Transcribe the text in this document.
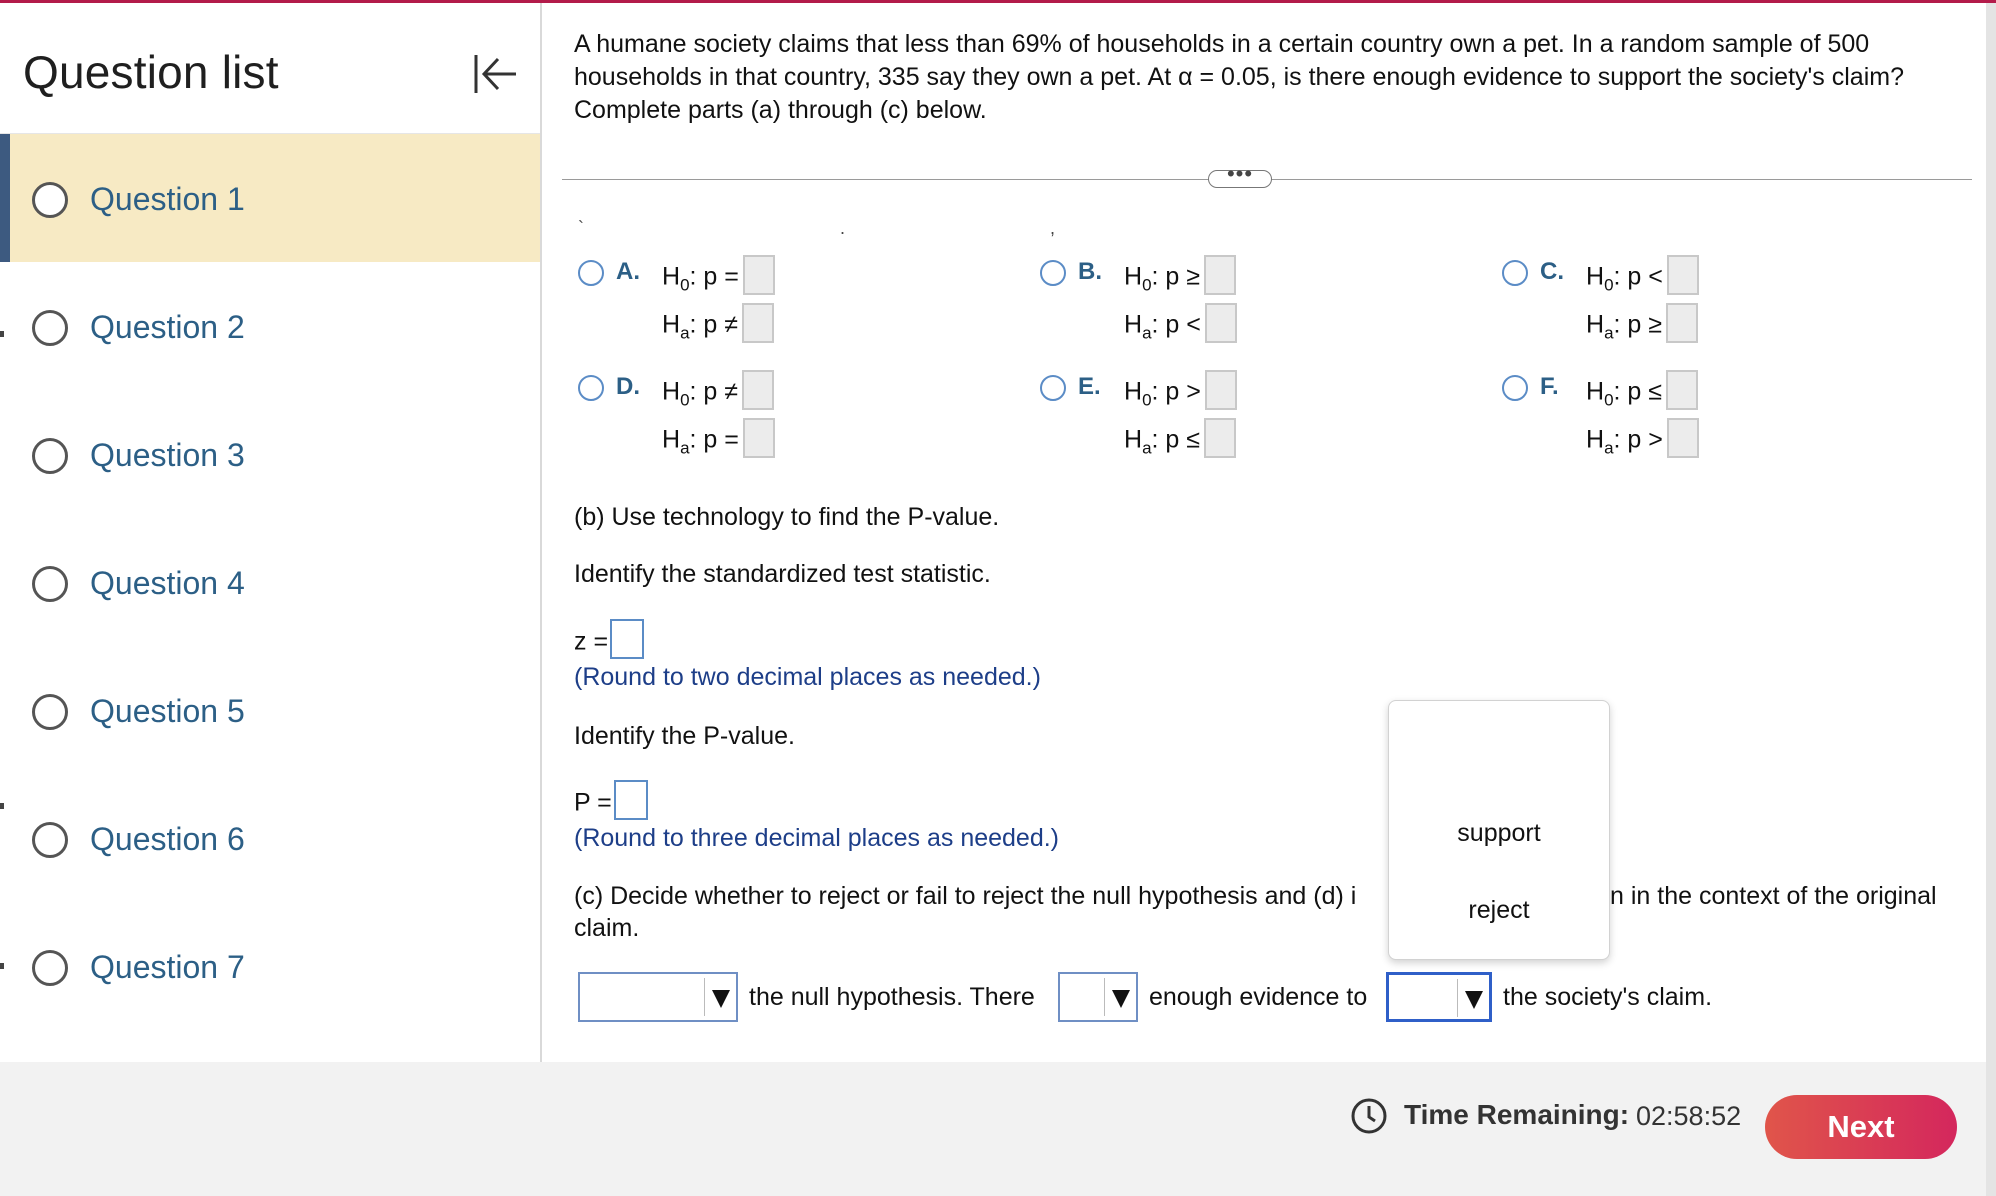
Question list
Question 1
Question 2
Question 3
Question 4
Question 5
Question 6
Question 7
A humane society claims that less than 69% of households in a certain country own a pet. In a random sample of 500
households in that country, 335 say they own a pet. At α = 0.05, is there enough evidence to support the society's claim?
Complete parts (a) through (c) below.
•••
`	.	,
A. $H_0$: p =
$H_a$: p ≠
B. $H_0$: p ≥
$H_a$: p <
C. $H_0$: p <
$H_a$: p ≥
D. $H_0$: p ≠
$H_a$: p =
E. $H_0$: p >
$H_a$: p ≤
F. $H_0$: p ≤
$H_a$: p >
(b) Use technology to find the P-value.
Identify the standardized test statistic.
z =
(Round to two decimal places as needed.)
Identify the P-value.
P =
(Round to three decimal places as needed.)
(c) Decide whether to reject or fail to reject the null hypothesis and (d) i	n in the context of the original
claim.
the null hypothesis. There	enough evidence to	the society's claim.
support
reject
Time Remaining: 02:58:52	Next
